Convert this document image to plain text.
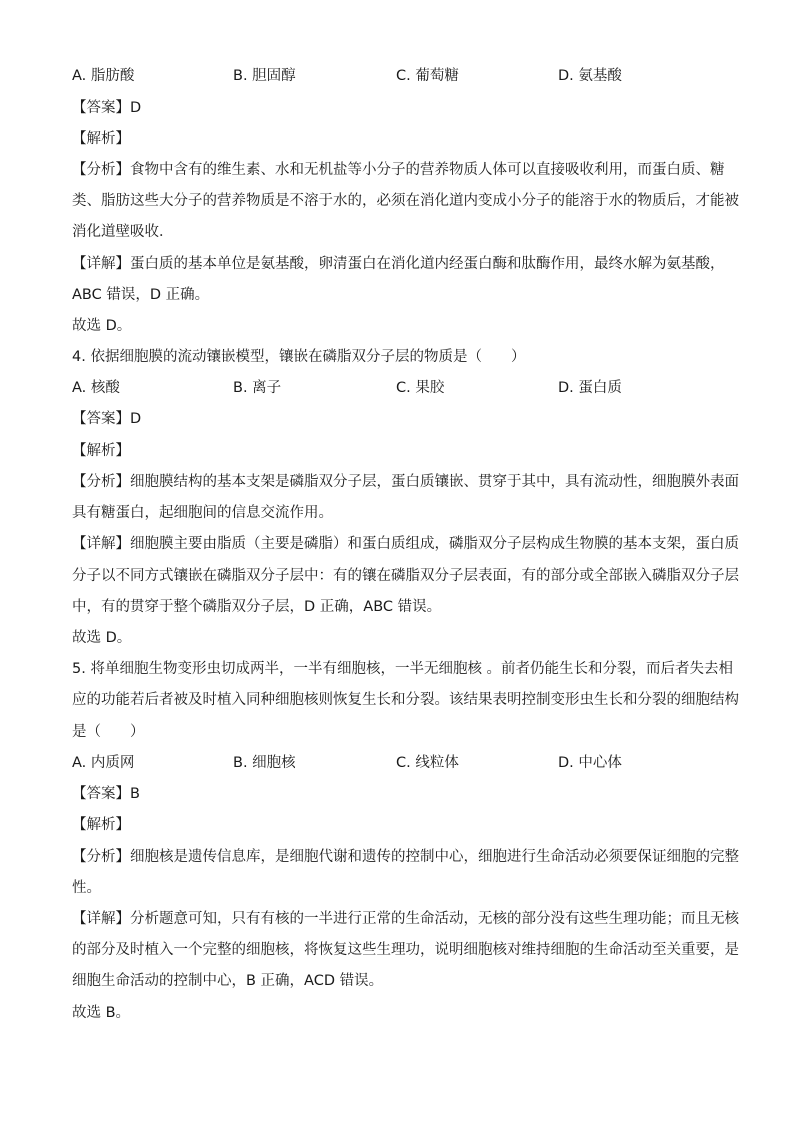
A. 脂肪酸	B. 胆固醇	C. 葡萄糖	D. 氨基酸
【答案】D
【解析】
【分析】食物中含有的维生素、水和无机盐等小分子的营养物质人体可以直接吸收利用，而蛋白质、糖
类、脂肪这些大分子的营养物质是不溶于水的，必须在消化道内变成小分子的能溶于水的物质后，才能被
消化道壁吸收．
【详解】蛋白质的基本单位是氨基酸，卵清蛋白在消化道内经蛋白酶和肽酶作用，最终水解为氨基酸，
ABC 错误，D 正确。
故选 D。
4. 依据细胞膜的流动镶嵌模型，镶嵌在磷脂双分子层的物质是（　　）
A. 核酸	B. 离子	C. 果胶	D. 蛋白质
【答案】D
【解析】
【分析】细胞膜结构的基本支架是磷脂双分子层，蛋白质镶嵌、贯穿于其中，具有流动性，细胞膜外表面
具有糖蛋白，起细胞间的信息交流作用。
【详解】细胞膜主要由脂质（主要是磷脂）和蛋白质组成，磷脂双分子层构成生物膜的基本支架，蛋白质
分子以不同方式镶嵌在磷脂双分子层中：有的镶在磷脂双分子层表面，有的部分或全部嵌入磷脂双分子层
中，有的贯穿于整个磷脂双分子层，D 正确，ABC 错误。
故选 D。
5. 将单细胞生物变形虫切成两半，一半有细胞核，一半无细胞核 。前者仍能生长和分裂，而后者失去相
应的功能若后者被及时植入同种细胞核则恢复生长和分裂。该结果表明控制变形虫生长和分裂的细胞结构
是（　　）
A. 内质网	B. 细胞核	C. 线粒体	D. 中心体
【答案】B
【解析】
【分析】细胞核是遗传信息库，是细胞代谢和遗传的控制中心，细胞进行生命活动必须要保证细胞的完整
性。
【详解】分析题意可知，只有有核的一半进行正常的生命活动，无核的部分没有这些生理功能；而且无核
的部分及时植入一个完整的细胞核，将恢复这些生理功，说明细胞核对维持细胞的生命活动至关重要，是
细胞生命活动的控制中心，B 正确，ACD 错误。
故选 B。
